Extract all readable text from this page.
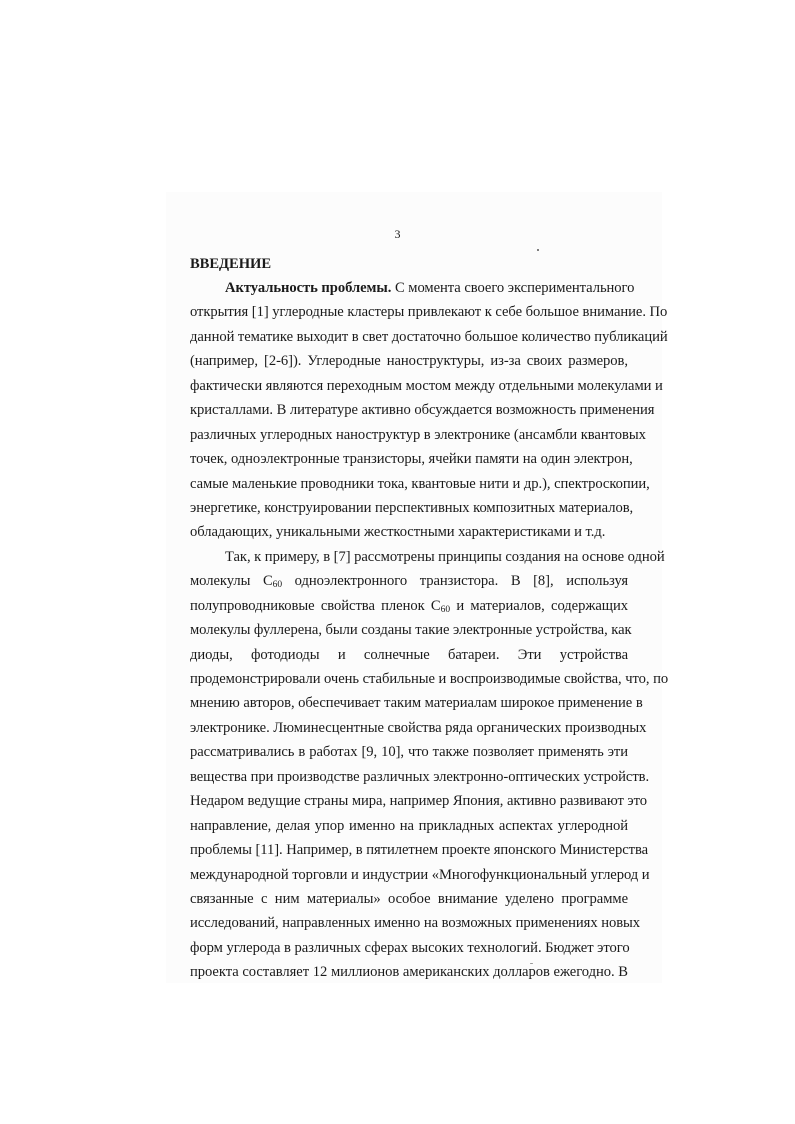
3
ВВЕДЕНИЕ
Актуальность проблемы. С момента своего экспериментального
открытия [1] углеродные кластеры привлекают к себе большое внимание. По
данной тематике выходит в свет достаточно большое количество публикаций
(например, [2-6]). Углеродные наноструктуры, из-за своих размеров,
фактически являются переходным мостом между отдельными молекулами и
кристаллами. В литературе активно обсуждается возможность применения
различных углеродных наноструктур в электронике (ансамбли квантовых
точек, одноэлектронные транзисторы, ячейки памяти на один электрон,
самые маленькие проводники тока, квантовые нити и др.), спектроскопии,
энергетике, конструировании перспективных композитных материалов,
обладающих, уникальными жесткостными характеристиками и т.д.
Так, к примеру, в [7] рассмотрены принципы создания на основе одной
молекулы $C_{60}$ одноэлектронного транзистора. В [8], используя
полупроводниковые свойства пленок $C_{60}$ и материалов, содержащих
молекулы фуллерена, были созданы такие электронные устройства, как
диоды, фотодиоды и солнечные батареи. Эти устройства
продемонстрировали очень стабильные и воспроизводимые свойства, что, по
мнению авторов, обеспечивает таким материалам широкое применение в
электронике. Люминесцентные свойства ряда органических производных
рассматривались в работах [9, 10], что также позволяет применять эти
вещества при производстве различных электронно-оптических устройств.
Недаром ведущие страны мира, например Япония, активно развивают это
направление, делая упор именно на прикладных аспектах углеродной
проблемы [11]. Например, в пятилетнем проекте японского Министерства
международной торговли и индустрии «Многофункциональный углерод и
связанные с ним материалы» особое внимание уделено программе
исследований, направленных именно на возможных применениях новых
форм углерода в различных сферах высоких технологий. Бюджет этого
проекта составляет 12 миллионов американских долларов ежегодно. В
